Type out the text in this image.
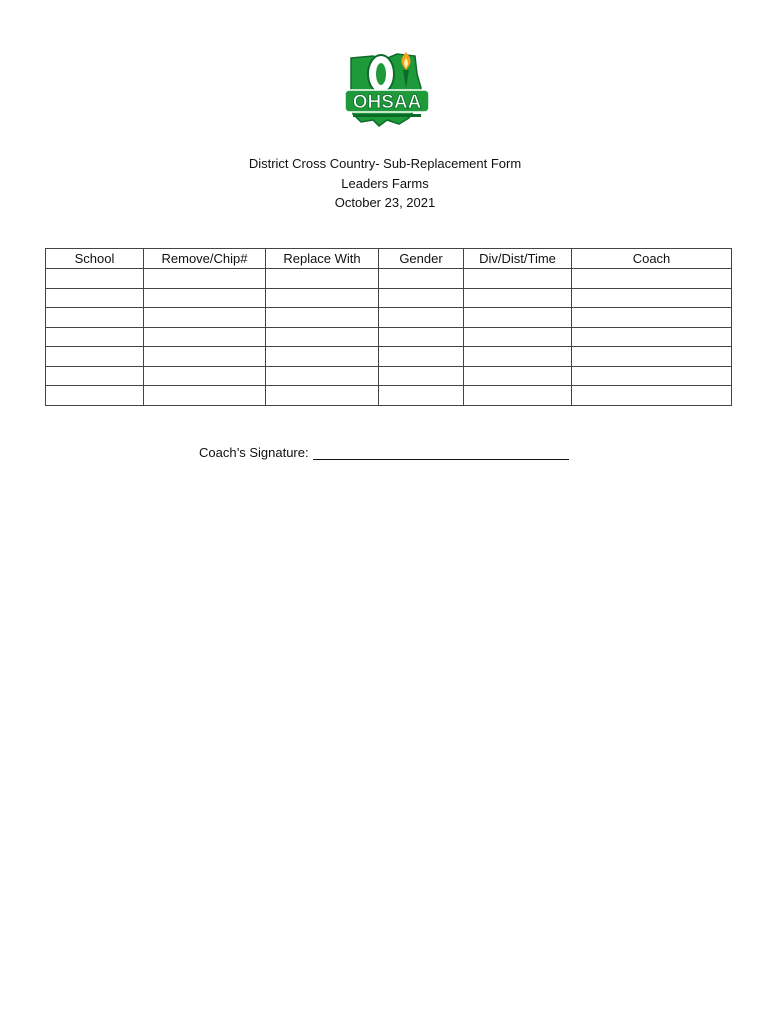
OHSAA
District Cross Country- Sub-Replacement Form
Leaders Farms
October 23, 2021
School	Remove/Chip#	Replace With	Gender	Div/Dist/Time	Coach

Coach’s Signature:
